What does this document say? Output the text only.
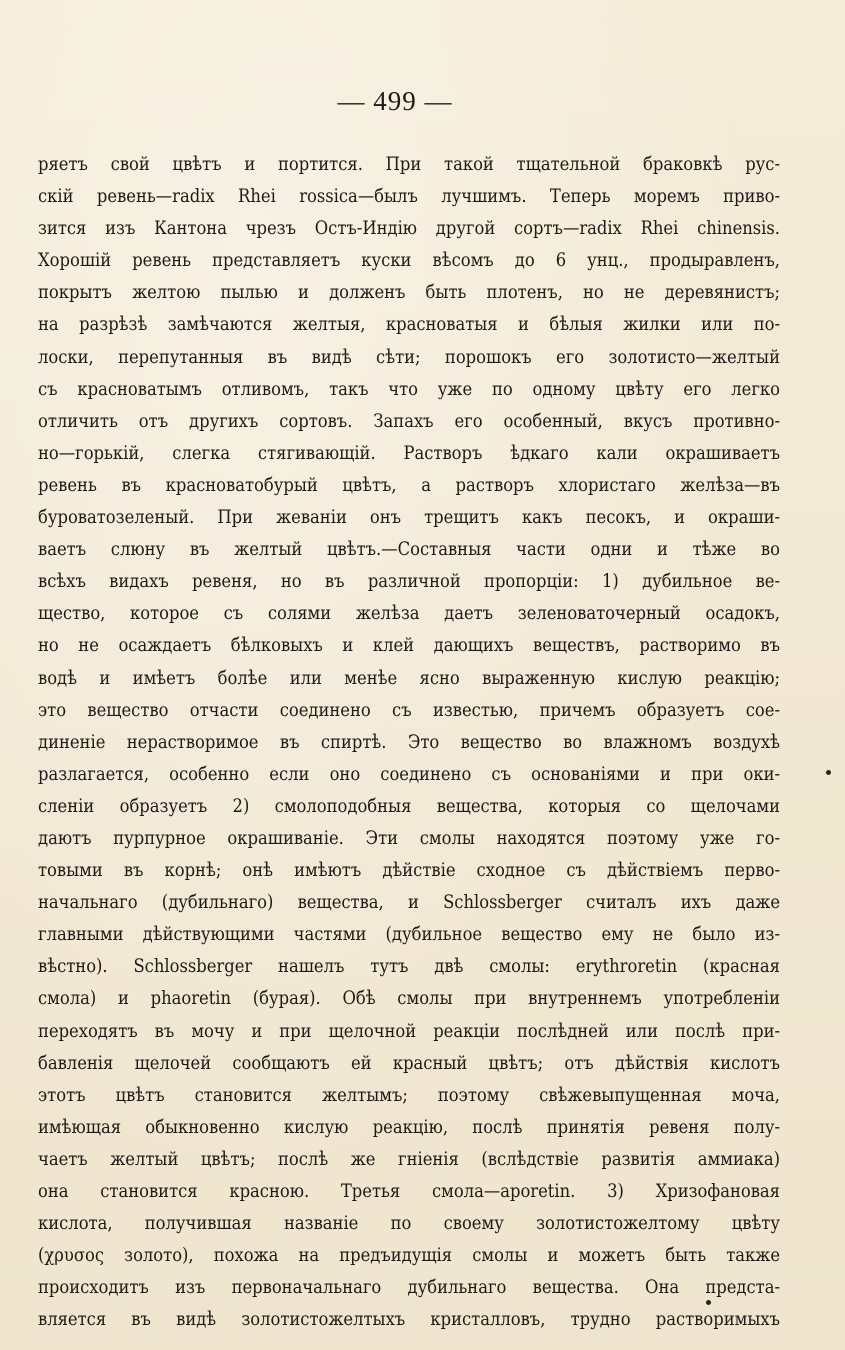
— 499 —
ряетъ свой цвѣтъ и портится. При такой тщательной браковкѣ рус-
скій ревень—radix Rhei rossica—былъ лучшимъ. Теперь моремъ приво-
зится изъ Кантона чрезъ Остъ-Индію другой сортъ—radix Rhei chinensis.
Хорошій ревень представляетъ куски вѣсомъ до 6 унц., продыравленъ,
покрытъ желтою пылью и долженъ быть плотенъ, но не деревянистъ;
на разрѣзѣ замѣчаются желтыя, красноватыя и бѣлыя жилки или по-
лоски, перепутанныя въ видѣ сѣти; порошокъ его золотисто—желтый
съ красноватымъ отливомъ, такъ что уже по одному цвѣту его легко
отличить отъ другихъ сортовъ. Запахъ его особенный, вкусъ противно-
но—горькій, слегка стягивающій. Растворъ ѣдкаго кали окрашиваетъ
ревень въ красноватобурый цвѣтъ, а растворъ хлористаго желѣза—въ
буроватозеленый. При жеваніи онъ трещитъ какъ песокъ, и окраши-
ваетъ слюну въ желтый цвѣтъ.—Составныя части одни и тѣже во
всѣхъ видахъ ревеня, но въ различной пропорціи: 1) дубильное ве-
щество, которое съ солями желѣза даетъ зеленоваточерный осадокъ,
но не осаждаетъ бѣлковыхъ и клей дающихъ веществъ, растворимо въ
водѣ и имѣетъ болѣе или менѣе ясно выраженную кислую реакцію;
это вещество отчасти соединено съ известью, причемъ образуетъ сое-
диненіе нерастворимое въ спиртѣ. Это вещество во влажномъ воздухѣ
разлагается, особенно если оно соединено съ основаніями и при оки-
сленіи образуетъ 2) смолоподобныя вещества, которыя со щелочами
даютъ пурпурное окрашиваніе. Эти смолы находятся поэтому уже го-
товыми въ корнѣ; онѣ имѣютъ дѣйствіе сходное съ дѣйствіемъ перво-
начальнаго (дубильнаго) вещества, и Schlossberger считалъ ихъ даже
главными дѣйствующими частями (дубильное вещество ему не было из-
вѣстно). Schlossberger нашелъ тутъ двѣ смолы: erythroretin (красная
смола) и phaoretin (бурая). Обѣ смолы при внутреннемъ употребленіи
переходятъ въ мочу и при щелочной реакціи послѣдней или послѣ при-
бавленія щелочей сообщаютъ ей красный цвѣтъ; отъ дѣйствія кислотъ
этотъ цвѣтъ становится желтымъ; поэтому свѣжевыпущенная моча,
имѣющая обыкновенно кислую реакцію, послѣ принятія ревеня полу-
чаетъ желтый цвѣтъ; послѣ же гніенія (вслѣдствіе развитія аммиака)
она становится красною. Третья смола—aporetin. 3) Хризофановая
кислота, получившая названіе по своему золотистожелтому цвѣту
(χρυσος золото), похожа на предъидущія смолы и можетъ быть также
происходитъ изъ первоначальнаго дубильнаго вещества. Она предста-
вляется въ видѣ золотистожелтыхъ кристалловъ, трудно растворимыхъ
